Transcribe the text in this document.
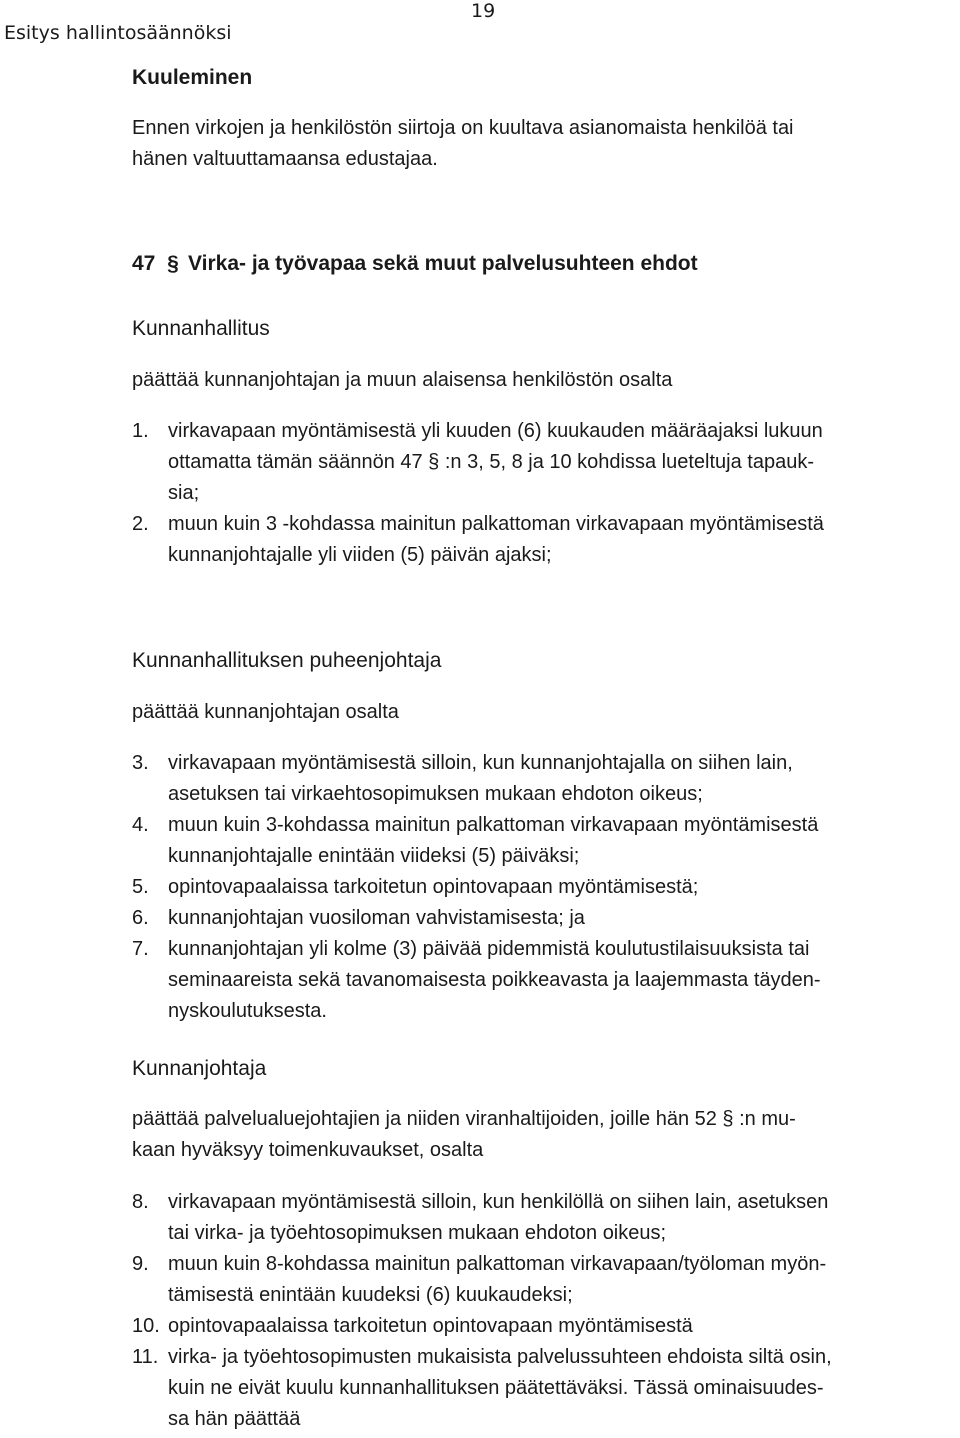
Esitys hallintosäännöksi
19
Kuuleminen

Ennen virkojen ja henkilöstön siirtoja on kuultava asianomaista henkilöä tai

hänen valtuuttamaansa edustajaa.

47 § Virka- ja työvapaa sekä muut palvelusuhteen ehdot
Kunnanhallitus
päättää kunnanjohtajan ja muun alaisensa henkilöstön osalta
1. virkavapaan myöntämisestä yli kuuden (6) kuukauden määräajaksi lukuun
ottamatta tämän säännön 47 § :n 3, 5, 8 ja 10 kohdissa lueteltuja tapauk-
sia;
2. muun kuin 3 -kohdassa mainitun palkattoman virkavapaan myöntämisestä
kunnanjohtajalle yli viiden (5) päivän ajaksi;
Kunnanhallituksen puheenjohtaja
päättää kunnanjohtajan osalta
3. virkavapaan myöntämisestä silloin, kun kunnanjohtajalla on siihen lain,
asetuksen tai virkaehtosopimuksen mukaan ehdoton oikeus;
4. muun kuin 3-kohdassa mainitun palkattoman virkavapaan myöntämisestä
kunnanjohtajalle enintään viideksi (5) päiväksi;
5. opintovapaalaissa tarkoitetun opintovapaan myöntämisestä;
6. kunnanjohtajan vuosiloman vahvistamisesta; ja
7. kunnanjohtajan yli kolme (3) päivää pidemmistä koulutustilaisuuksista tai
seminaareista sekä tavanomaisesta poikkeavasta ja laajemmasta täyden-
nyskoulutuksesta.
Kunnanjohtaja

päättää palvelualuejohtajien ja niiden viranhaltijoiden, joille hän 52 § :n mu-

kaan hyväksyy toimenkuvaukset, osalta

8. virkavapaan myöntämisestä silloin, kun henkilöllä on siihen lain, asetuksen
tai virka- ja työehtosopimuksen mukaan ehdoton oikeus;
9. muun kuin 8-kohdassa mainitun palkattoman virkavapaan/työloman myön-
tämisestä enintään kuudeksi (6) kuukaudeksi;
10. opintovapaalaissa tarkoitetun opintovapaan myöntämisestä
11. virka- ja työehtosopimusten mukaisista palvelussuhteen ehdoista siltä osin,
kuin ne eivät kuulu kunnanhallituksen päätettäväksi. Tässä ominaisuudes-
sa hän päättää
